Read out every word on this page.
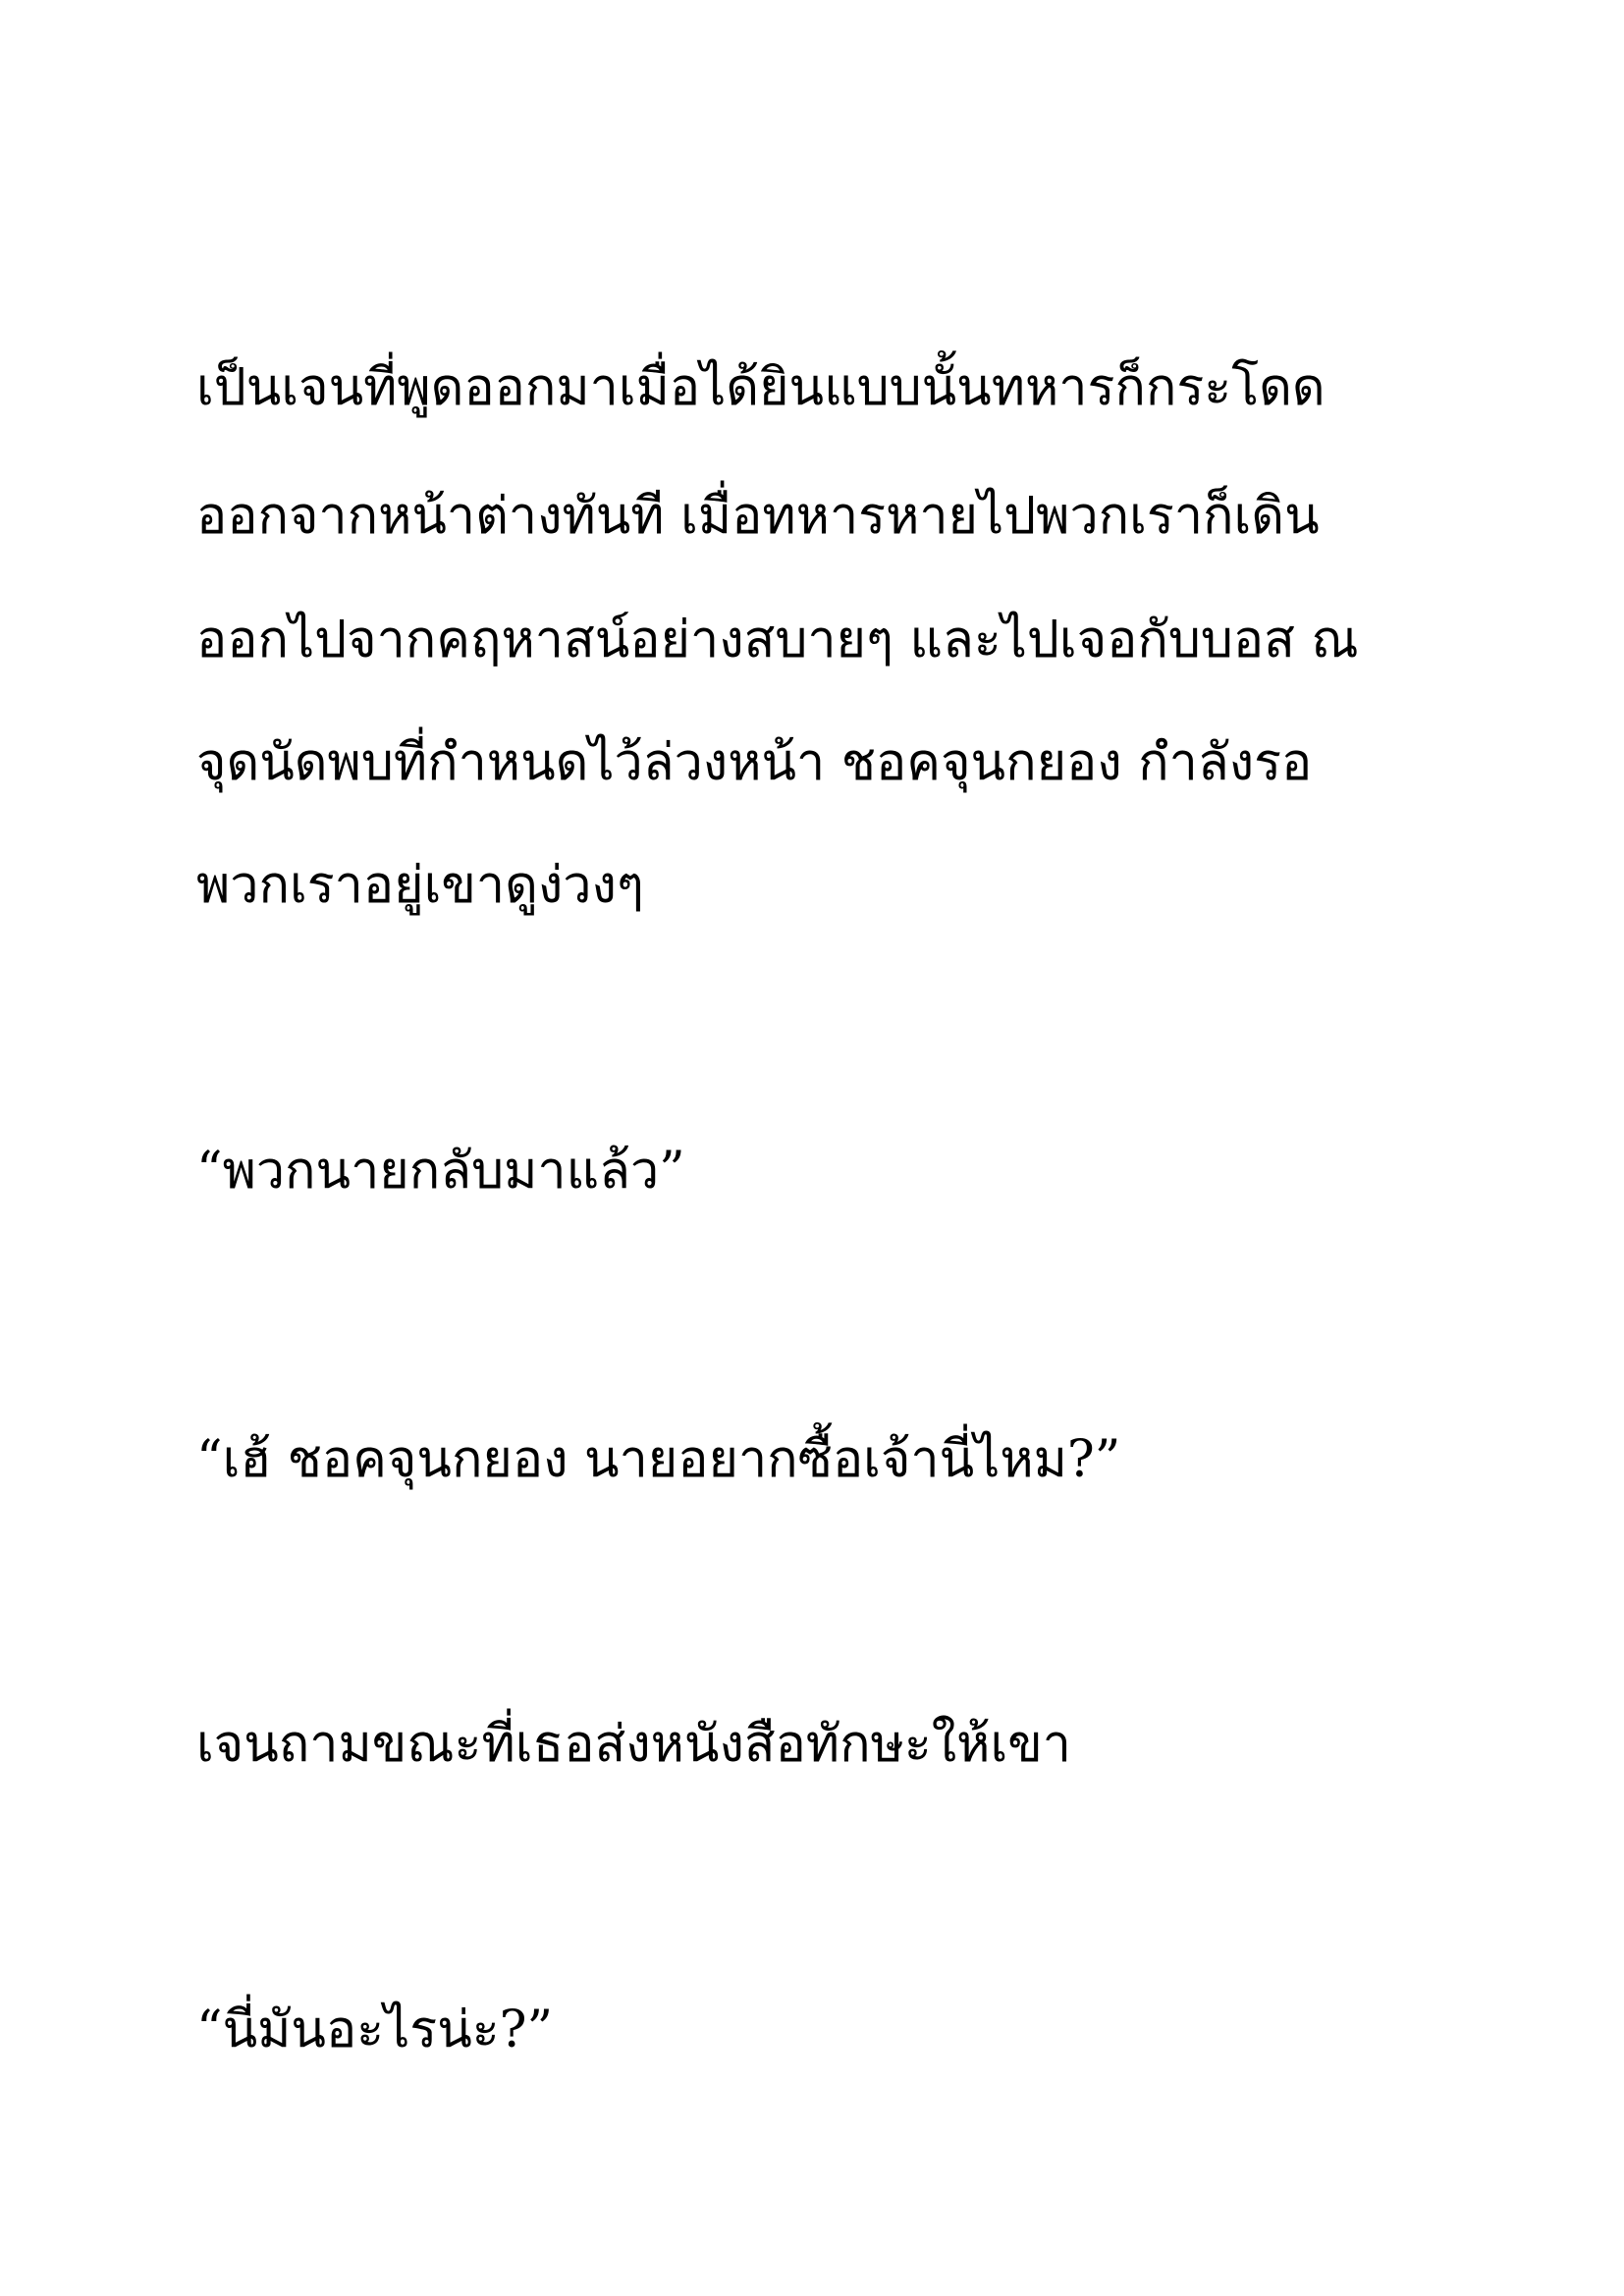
เป็นเจนที่พูดออกมาเมื่อได้ยินแบบนั้นทหารก็กระโดด
ออกจากหน้าต่างทันที เมื่อทหารหายไปพวกเราก็เดิน
ออกไปจากคฤหาสน์อย่างสบายๆ และไปเจอกับบอส ณ
จุดนัดพบที่กำหนดไว้ล่วงหน้า ชอคจุนกยอง กำลังรอ
พวกเราอยู่เขาดูง่วงๆ
“พวกนายกลับมาแล้ว”
“เฮ้ ชอคจุนกยอง นายอยากซื้อเจ้านี่ไหม?”
เจนถามขณะที่เธอส่งหนังสือทักษะให้เขา
“นี่มันอะไรน่ะ?”
